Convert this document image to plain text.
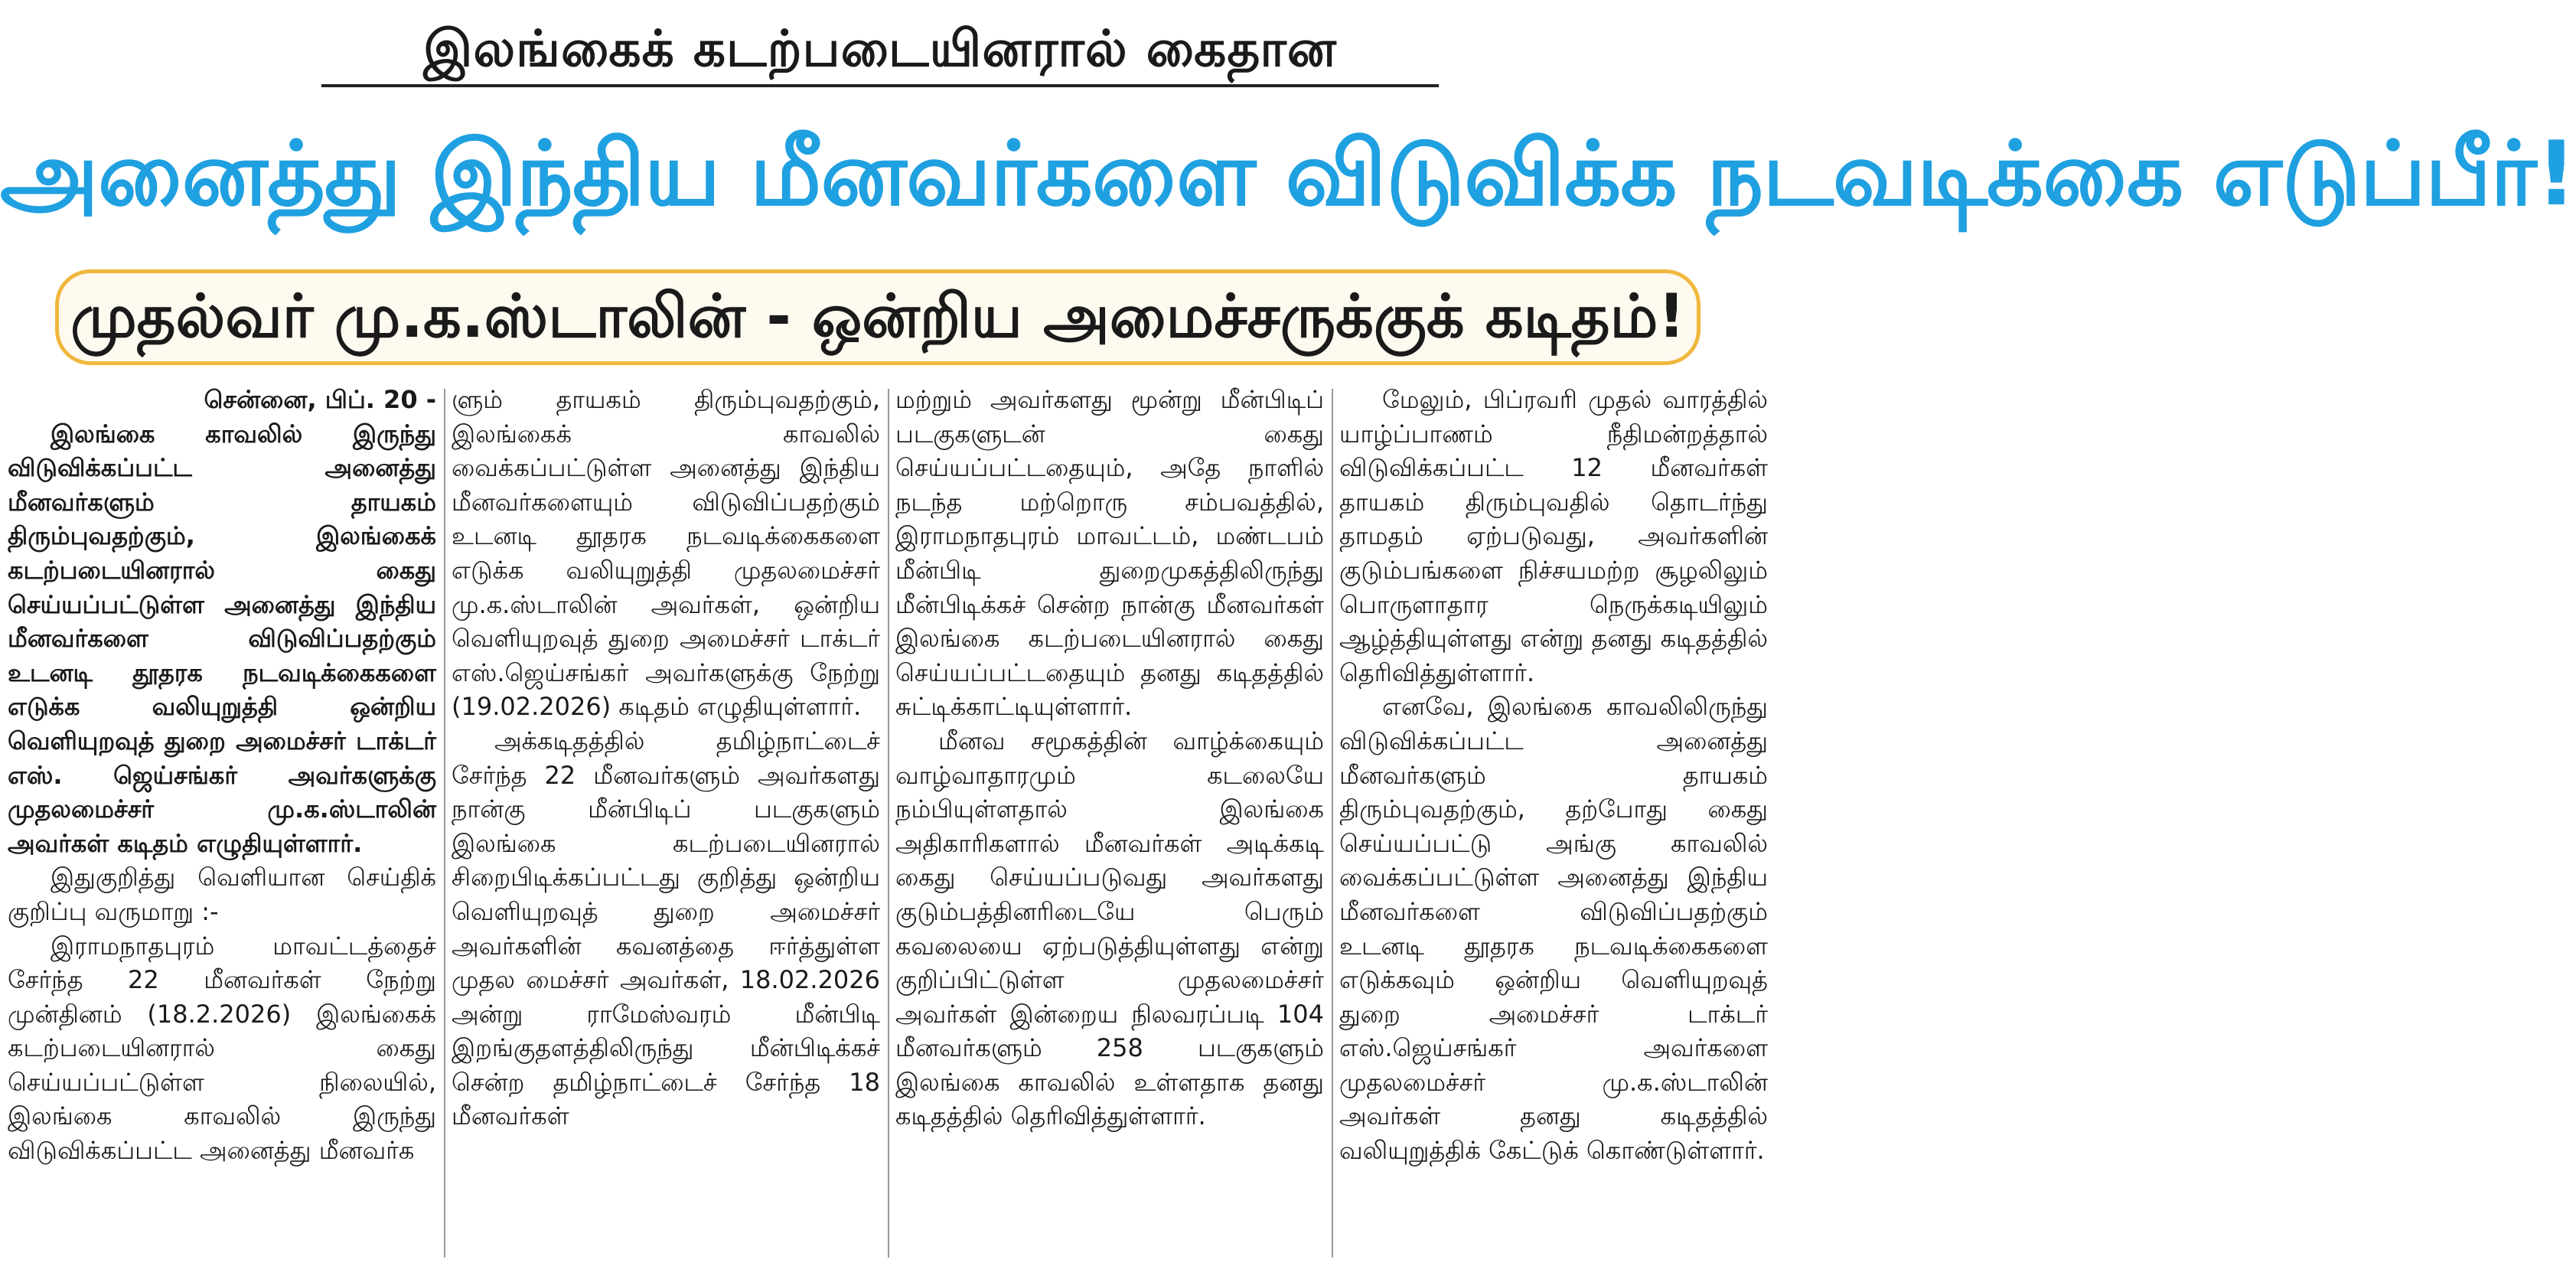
இலங்கைக் கடற்படையினரால் கைதான
அனைத்து இந்திய மீனவர்களை விடுவிக்க நடவடிக்கை எடுப்பீர்!
முதல்வர் மு.க.ஸ்டாலின் - ஒன்றிய அமைச்சருக்குக் கடிதம்!

சென்னை, பிப். 20 -

இலங்கை காவலில் இருந்து விடுவிக்கப்பட்ட அனைத்து மீனவர்களும் தாயகம் திரும்புவதற்கும், இலங்கைக் கடற்படையினரால் கைது செய்யப்பட்டுள்ள அனைத்து இந்திய மீனவர்களை விடுவிப்பதற்கும் உடனடி தூதரக நடவடிக்கைகளை எடுக்க வலியுறுத்தி ஒன்றிய வெளியுறவுத் துறை அமைச்சர் டாக்டர் எஸ். ஜெய்சங்கர் அவர்களுக்கு முதலமைச்சர் மு.க.ஸ்டாலின் அவர்கள் கடிதம் எழுதியுள்ளார்.

இதுகுறித்து வெளியான செய்திக் குறிப்பு வருமாறு :-

இராமநாதபுரம் மாவட்டத்தைச் சேர்ந்த 22 மீனவர்கள் நேற்று முன்தினம் (18.2.2026) இலங்கைக் கடற்படையினரால் கைது செய்யப்பட்டுள்ள நிலையில், இலங்கை காவலில் இருந்து விடுவிக்கப்பட்ட அனைத்து மீனவர்க

ளும் தாயகம் திரும்புவதற்கும், இலங்கைக் காவலில் வைக்கப்பட்டுள்ள அனைத்து இந்திய மீனவர்களையும் விடுவிப்பதற்கும் உடனடி தூதரக நடவடிக்கைகளை எடுக்க வலியுறுத்தி முதலமைச்சர் மு.க.ஸ்டாலின் அவர்கள், ஒன்றிய வெளியுறவுத் துறை அமைச்சர் டாக்டர் எஸ்.ஜெய்சங்கர் அவர்களுக்கு நேற்று (19.02.2026) கடிதம் எழுதியுள்ளார்.

அக்கடிதத்தில் தமிழ்நாட்டைச் சேர்ந்த 22 மீனவர்களும் அவர்களது நான்கு மீன்பிடிப் படகுகளும் இலங்கை கடற்படையினரால் சிறைபிடிக்கப்பட்டது குறித்து ஒன்றிய வெளியுறவுத் துறை அமைச்சர் அவர்களின் கவனத்தை ஈர்த்துள்ள முதல மைச்சர் அவர்கள், 18.02.2026 அன்று ராமேஸ்வரம் மீன்பிடி இறங்குதளத்திலிருந்து மீன்பிடிக்கச் சென்ற தமிழ்நாட்டைச் சேர்ந்த 18 மீனவர்கள்

மற்றும் அவர்களது மூன்று மீன்பிடிப் படகுகளுடன் கைது செய்யப்பட்டதையும், அதே நாளில் நடந்த மற்றொரு சம்பவத்தில், இராமநாதபுரம் மாவட்டம், மண்டபம் மீன்பிடி துறைமுகத்திலிருந்து மீன்பிடிக்கச் சென்ற நான்கு மீனவர்கள் இலங்கை கடற்படையினரால் கைது செய்யப்பட்டதையும் தனது கடிதத்தில் சுட்டிக்காட்டியுள்ளார்.

மீனவ சமூகத்தின் வாழ்க்கையும் வாழ்வாதாரமும் கடலையே நம்பியுள்ளதால் இலங்கை அதிகாரிகளால் மீனவர்கள் அடிக்கடி கைது செய்யப்படுவது அவர்களது குடும்பத்தினரிடையே பெரும் கவலையை ஏற்படுத்தியுள்ளது என்று குறிப்பிட்டுள்ள முதலமைச்சர் அவர்கள் இன்றைய நிலவரப்படி 104 மீனவர்களும் 258 படகுகளும் இலங்கை காவலில் உள்ளதாக தனது கடிதத்தில் தெரிவித்துள்ளார்.

மேலும், பிப்ரவரி முதல் வாரத்தில் யாழ்ப்பாணம் நீதிமன்றத்தால் விடுவிக்கப்பட்ட 12 மீனவர்கள் தாயகம் திரும்புவதில் தொடர்ந்து தாமதம் ஏற்படுவது, அவர்களின் குடும்பங்களை நிச்சயமற்ற சூழலிலும் பொருளாதார நெருக்கடியிலும் ஆழ்த்தியுள்ளது என்று தனது கடிதத்தில் தெரிவித்துள்ளார்.

எனவே, இலங்கை காவலிலிருந்து விடுவிக்கப்பட்ட அனைத்து மீனவர்களும் தாயகம் திரும்புவதற்கும், தற்போது கைது செய்யப்பட்டு அங்கு காவலில் வைக்கப்பட்டுள்ள அனைத்து இந்திய மீனவர்களை விடுவிப்பதற்கும் உடனடி தூதரக நடவடிக்கைகளை எடுக்கவும் ஒன்றிய வெளியுறவுத் துறை அமைச்சர் டாக்டர் எஸ்.ஜெய்சங்கர் அவர்களை முதலமைச்சர் மு.க.ஸ்டாலின் அவர்கள் தனது கடிதத்தில் வலியுறுத்திக் கேட்டுக் கொண்டுள்ளார்.
